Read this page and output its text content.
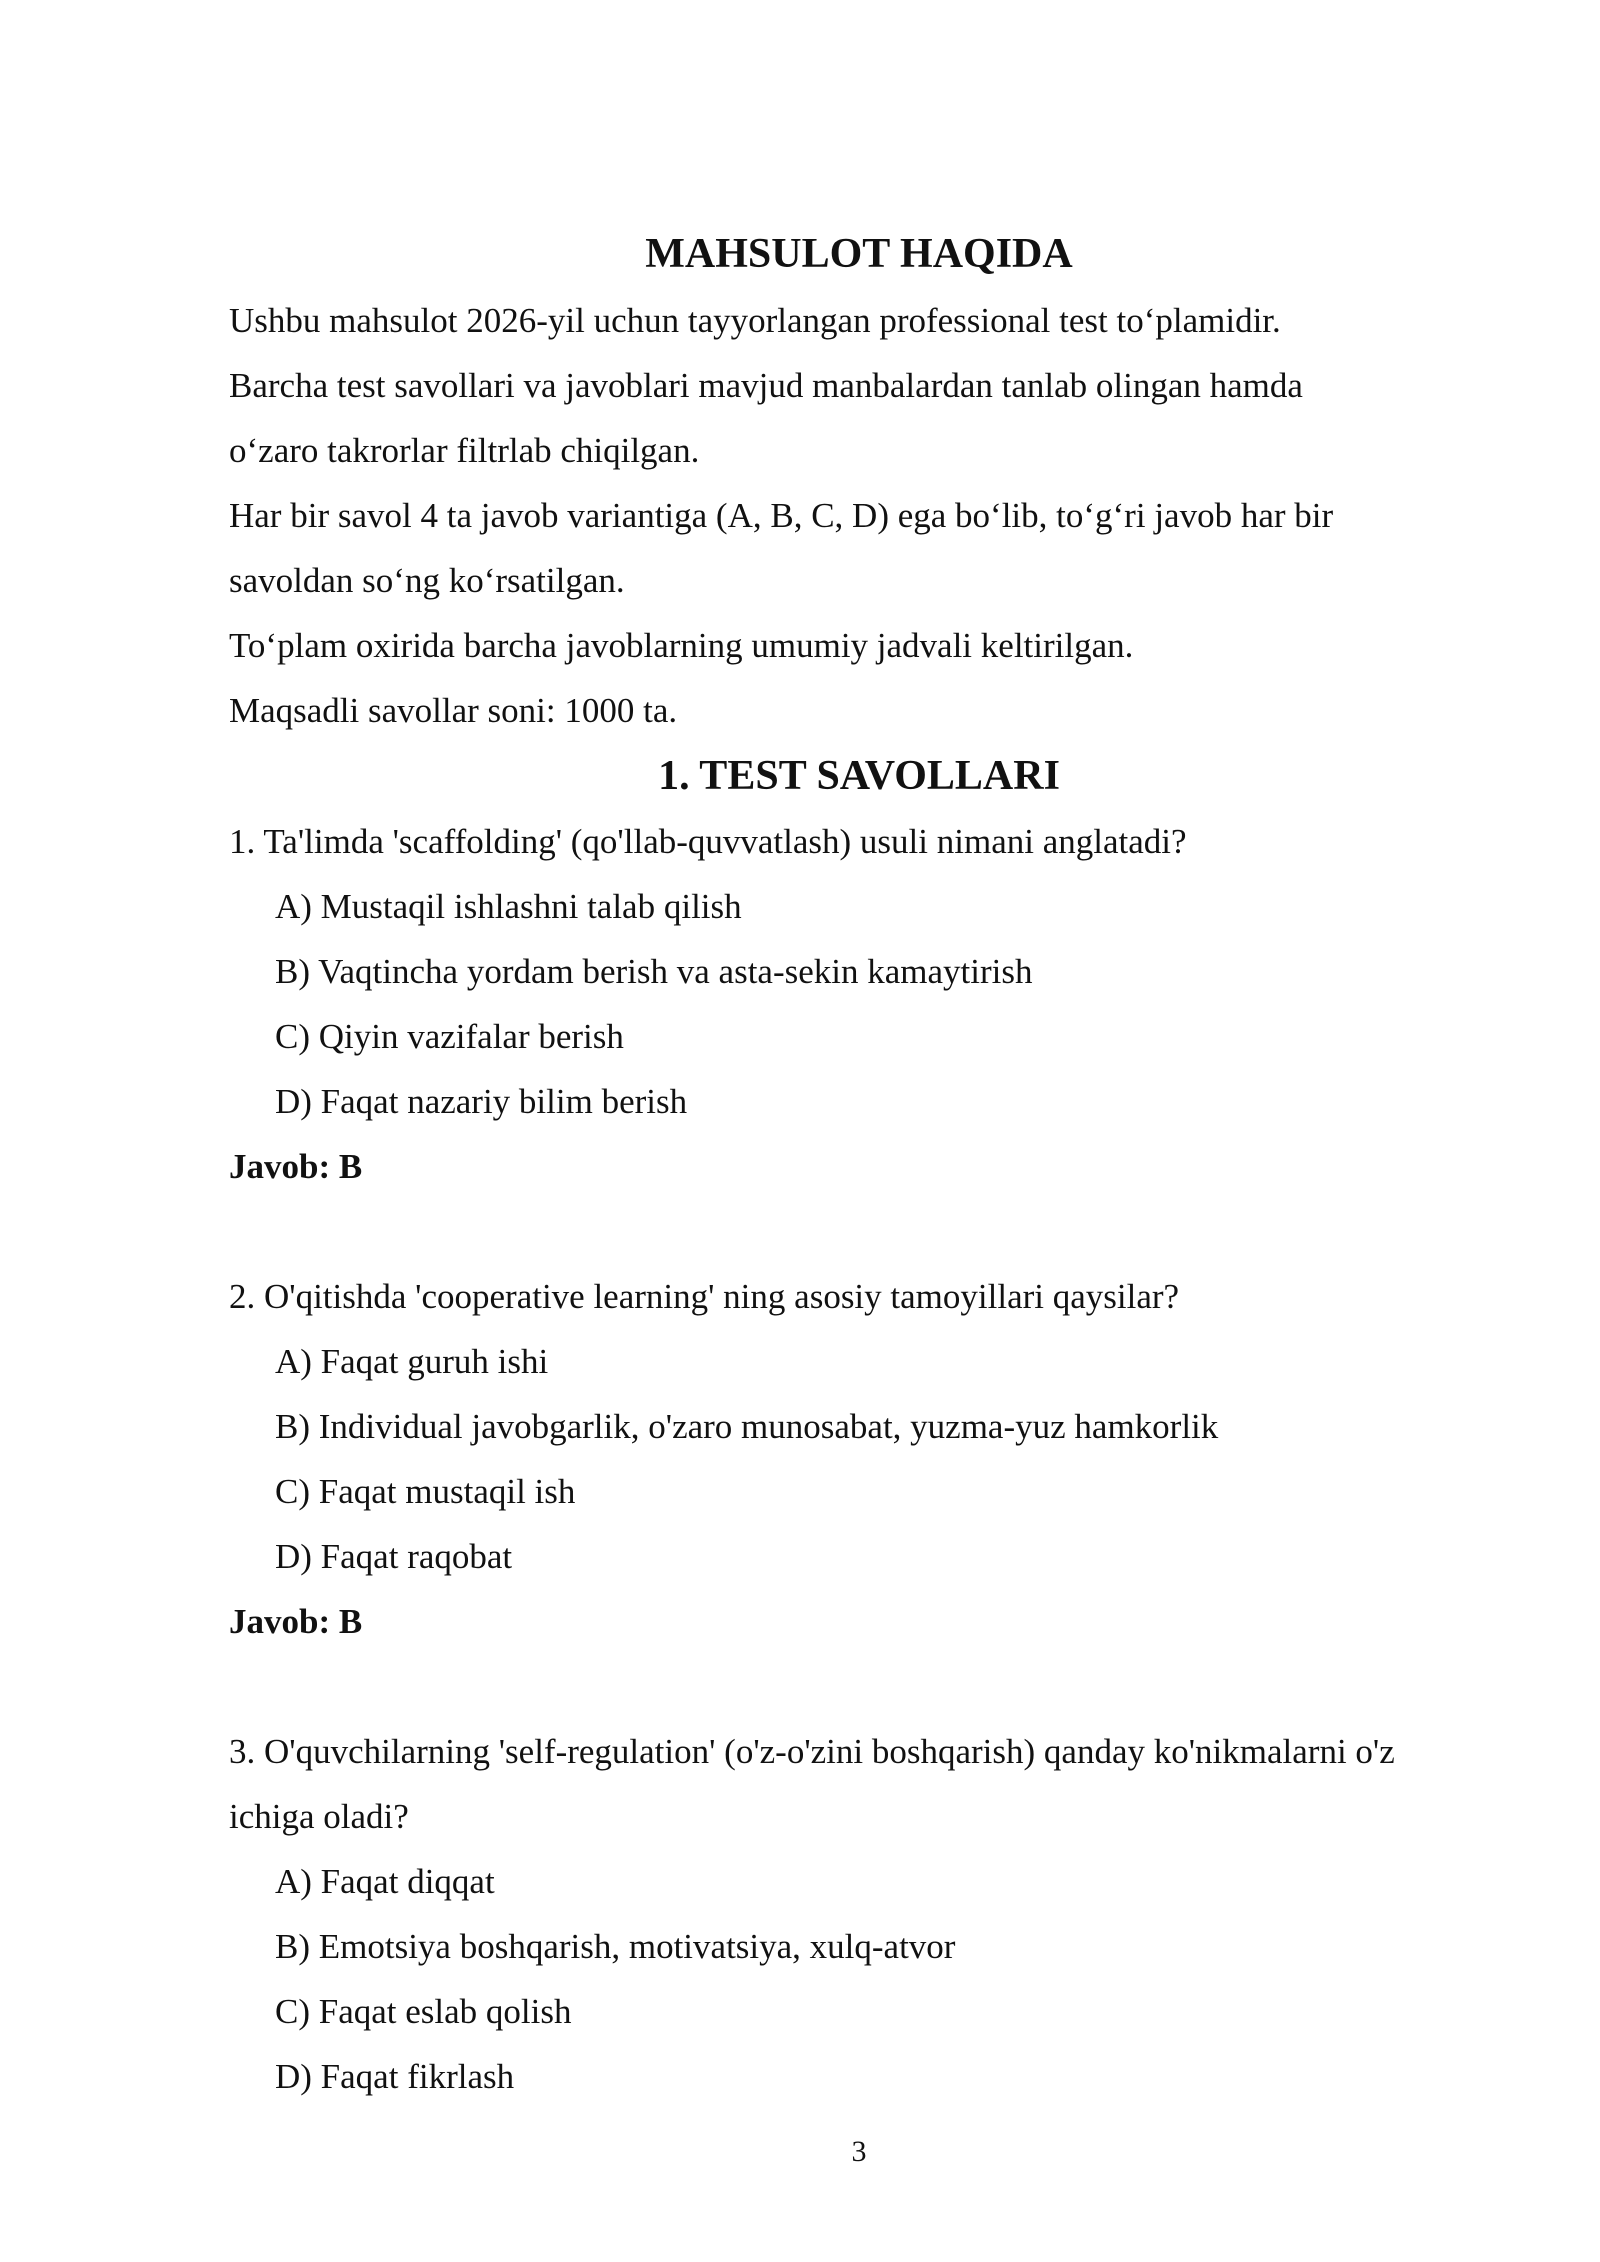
MAHSULOT HAQIDA

Ushbu mahsulot 2026-yil uchun tayyorlangan professional test to‘plamidir.

Barcha test savollari va javoblari mavjud manbalardan tanlab olingan hamda

o‘zaro takrorlar filtrlab chiqilgan.

Har bir savol 4 ta javob variantiga (A, B, C, D) ega bo‘lib, to‘g‘ri javob har bir

savoldan so‘ng ko‘rsatilgan.

To‘plam oxirida barcha javoblarning umumiy jadvali keltirilgan.

Maqsadli savollar soni: 1000 ta.

1. TEST SAVOLLARI

1. Ta'limda 'scaffolding' (qo'llab-quvvatlash) usuli nimani anglatadi?

A) Mustaqil ishlashni talab qilish

B) Vaqtincha yordam berish va asta-sekin kamaytirish

C) Qiyin vazifalar berish

D) Faqat nazariy bilim berish

Javob: B

2. O'qitishda 'cooperative learning' ning asosiy tamoyillari qaysilar?

A) Faqat guruh ishi

B) Individual javobgarlik, o'zaro munosabat, yuzma-yuz hamkorlik

C) Faqat mustaqil ish

D) Faqat raqobat

Javob: B

3. O'quvchilarning 'self-regulation' (o'z-o'zini boshqarish) qanday ko'nikmalarni o'z

ichiga oladi?

A) Faqat diqqat

B) Emotsiya boshqarish, motivatsiya, xulq-atvor

C) Faqat eslab qolish

D) Faqat fikrlash

3
